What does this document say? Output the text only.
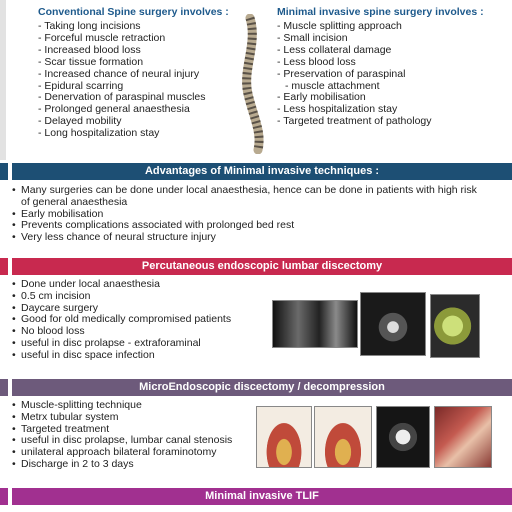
Conventional Spine surgery involves :
- Taking long incisions
- Forceful muscle retraction
- Increased blood loss
- Scar tissue formation
- Increased chance of neural injury
- Epidural scarring
- Denervation of paraspinal muscles
- Prolonged general anaesthesia
- Delayed mobility
- Long hospitalization stay
Minimal invasive spine surgery involves :
- Muscle splitting approach
- Small incision
- Less collateral damage
- Less blood loss
- Preservation of paraspinal
- muscle attachment
- Early mobilisation
- Less hospitalization stay
- Targeted treatment of pathology
Advantages of Minimal invasive techniques :
• Many surgeries can be done under local anaesthesia, hence can be done in patients with high risk of general anaesthesia
• Early mobilisation
• Prevents complications associated with prolonged bed rest
• Very less chance of neural structure injury
Percutaneous endoscopic lumbar discectomy
• Done under local anaesthesia
• 0.5 cm incision
• Daycare surgery
• Good for old medically compromised patients
• No blood loss
• useful in disc prolapse - extraforaminal
• useful in disc space infection
MicroEndoscopic discectomy / decompression
• Muscle-splitting technique
• Metrx tubular system
• Targeted treatment
• useful in disc prolapse, lumbar canal stenosis
• unilateral approach bilateral foraminotomy
• Discharge in 2 to 3 days
Minimal invasive TLIF
